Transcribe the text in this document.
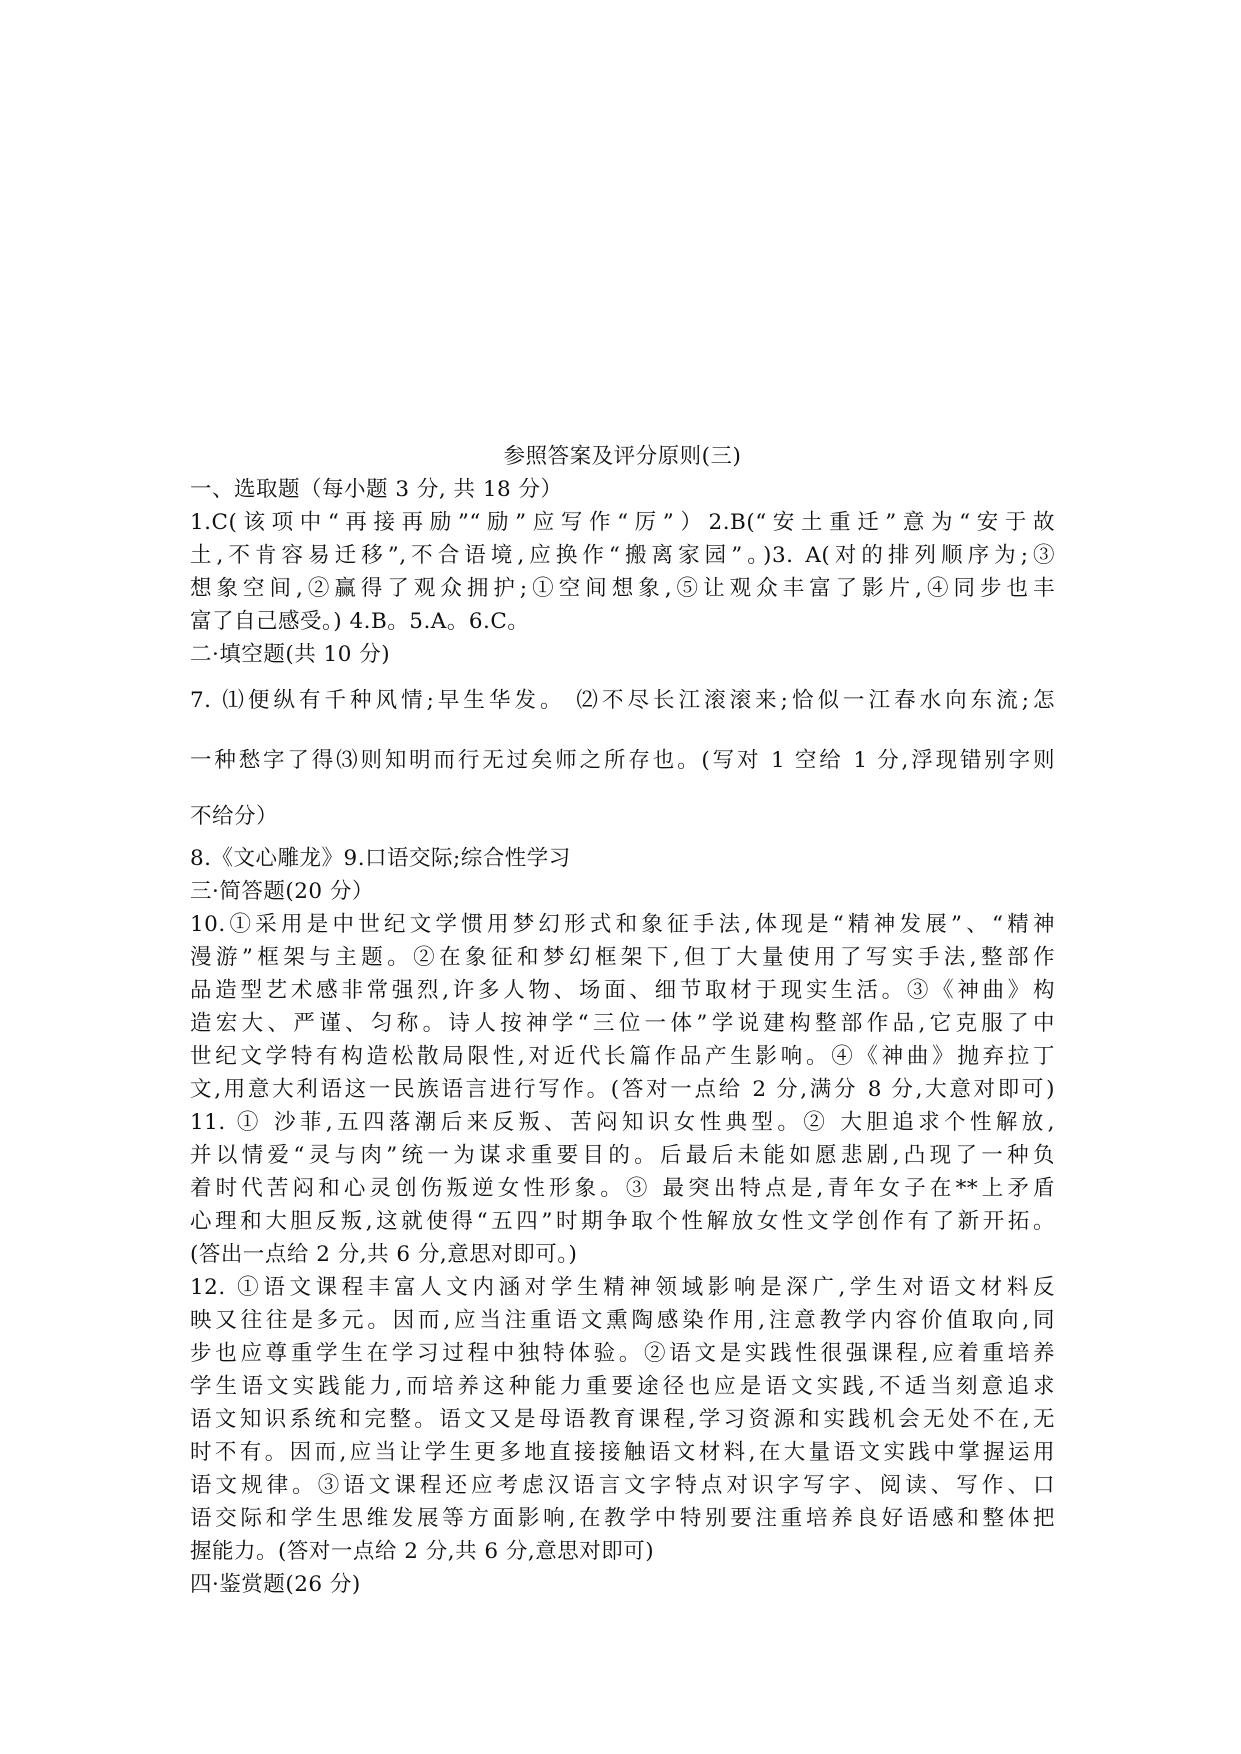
参照答案及评分原则(三)
一、选取题（每小题 3 分, 共 18 分）
1.C(该项中“再接再励”“励”应写作“厉”）2.B(“安土重迁”意为“安于故
土,不肯容易迁移”,不合语境,应换作“搬离家园”。)3. A(对的排列顺序为;③
想象空间,②赢得了观众拥护;①空间想象,⑤让观众丰富了影片,④同步也丰
富了自己感受。) 4.B。5.A。6.C。
二·填空题(共 10 分)
7. ⑴便纵有千种风情;早生华发。 ⑵不尽长江滚滚来;恰似一江春水向东流;怎
一种愁字了得⑶则知明而行无过矣师之所存也。(写对 1 空给 1 分,浮现错别字则
不给分）
8.《文心雕龙》9.口语交际;综合性学习
三·简答题(20 分）
10.①采用是中世纪文学惯用梦幻形式和象征手法,体现是“精神发展”、“精神
漫游”框架与主题。②在象征和梦幻框架下,但丁大量使用了写实手法,整部作
品造型艺术感非常强烈,许多人物、场面、细节取材于现实生活。③《神曲》构
造宏大、严谨、匀称。诗人按神学“三位一体”学说建构整部作品,它克服了中
世纪文学特有构造松散局限性,对近代长篇作品产生影响。④《神曲》抛弃拉丁
文,用意大利语这一民族语言进行写作。(答对一点给 2 分,满分 8 分,大意对即可)
11. ① 沙菲,五四落潮后来反叛、苦闷知识女性典型。② 大胆追求个性解放,
并以情爱“灵与肉”统一为谋求重要目的。后最后未能如愿悲剧,凸现了一种负
着时代苦闷和心灵创伤叛逆女性形象。③ 最突出特点是,青年女子在**上矛盾
心理和大胆反叛,这就使得“五四”时期争取个性解放女性文学创作有了新开拓。
(答出一点给 2 分,共 6 分,意思对即可。)
12. ①语文课程丰富人文内涵对学生精神领域影响是深广,学生对语文材料反
映又往往是多元。因而,应当注重语文熏陶感染作用,注意教学内容价值取向,同
步也应尊重学生在学习过程中独特体验。②语文是实践性很强课程,应着重培养
学生语文实践能力,而培养这种能力重要途径也应是语文实践,不适当刻意追求
语文知识系统和完整。语文又是母语教育课程,学习资源和实践机会无处不在,无
时不有。因而,应当让学生更多地直接接触语文材料,在大量语文实践中掌握运用
语文规律。③语文课程还应考虑汉语言文字特点对识字写字、阅读、写作、口
语交际和学生思维发展等方面影响,在教学中特别要注重培养良好语感和整体把
握能力。(答对一点给 2 分,共 6 分,意思对即可)
四·鉴赏题(26 分)
